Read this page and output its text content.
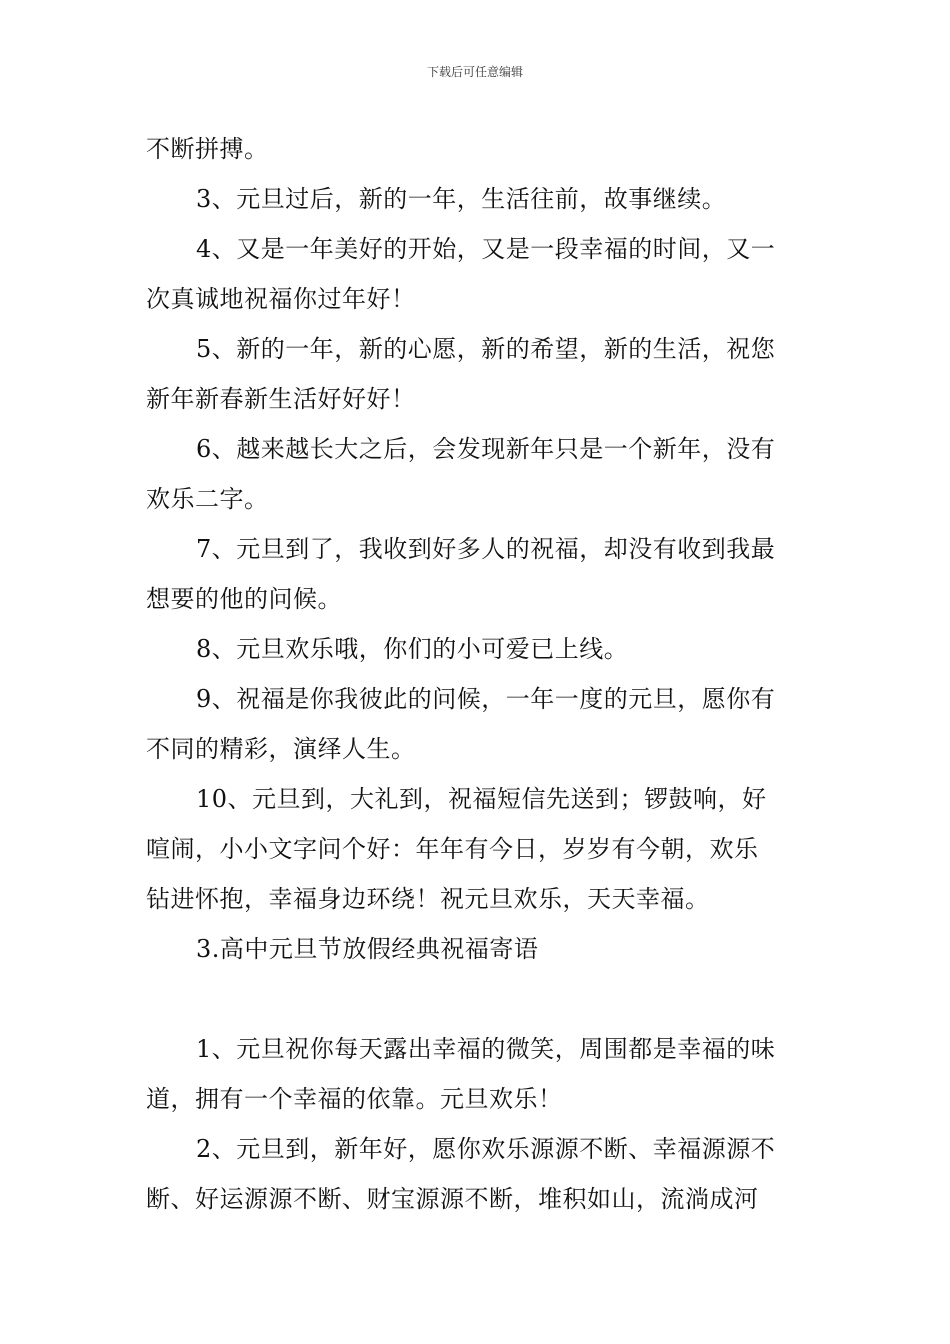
下载后可任意编辑

不断拼搏。

3、元旦过后，新的一年，生活往前，故事继续。

4、又是一年美好的开始，又是一段幸福的时间，又一

次真诚地祝福你过年好！

5、新的一年，新的心愿，新的希望，新的生活，祝您

新年新春新生活好好好！

6、越来越长大之后，会发现新年只是一个新年，没有

欢乐二字。

7、元旦到了，我收到好多人的祝福，却没有收到我最

想要的他的问候。

8、元旦欢乐哦，你们的小可爱已上线。

9、祝福是你我彼此的问候，一年一度的元旦，愿你有

不同的精彩，演绎人生。

10、元旦到，大礼到，祝福短信先送到；锣鼓响，好

喧闹，小小文字问个好：年年有今日，岁岁有今朝，欢乐

钻进怀抱，幸福身边环绕！祝元旦欢乐，天天幸福。

3.高中元旦节放假经典祝福寄语

1、元旦祝你每天露出幸福的微笑，周围都是幸福的味

道，拥有一个幸福的依靠。元旦欢乐！

2、元旦到，新年好，愿你欢乐源源不断、幸福源源不

断、好运源源不断、财宝源源不断，堆积如山，流淌成河
